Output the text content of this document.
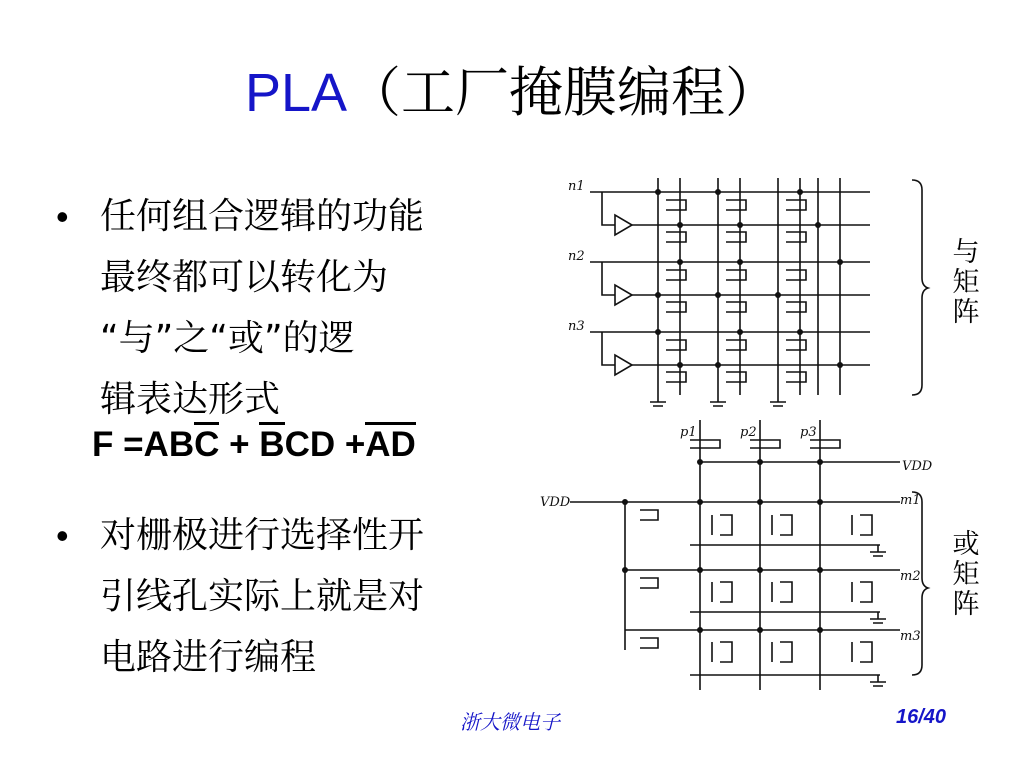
PLA（工厂掩膜编程）
• 任何组合逻辑的功能
最终都可以转化为
“与”之“或”的逻
辑表达形式
F =ABC + BCD +AD
• 对栅极进行选择性开
引线孔实际上就是对
电路进行编程
n1
n2
n3
p1	p2	p3
VDD
VDD	m1
m2
m3
与
矩
阵
或
矩
阵
浙大微电子	16/40
